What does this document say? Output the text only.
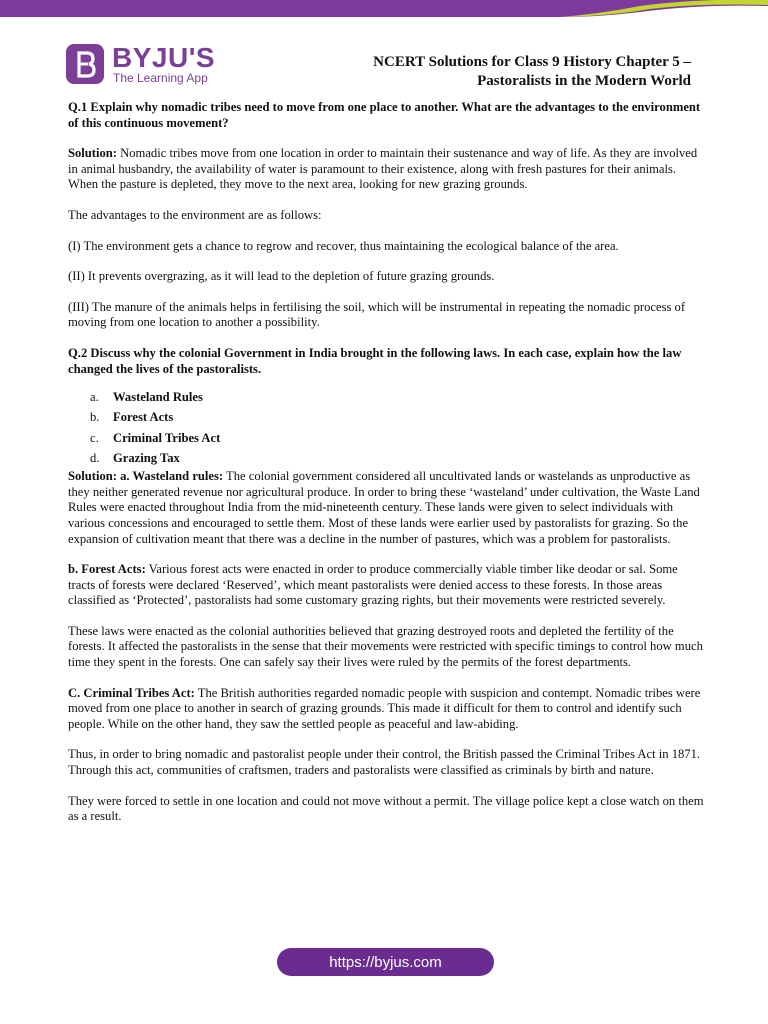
BYJU'S
The Learning App
NCERT Solutions for Class 9 History Chapter 5 –
Pastoralists in the Modern World

Q.1 Explain why nomadic tribes need to move from one place to another. What are the advantages to the environment of this continuous movement?

Solution: Nomadic tribes move from one location in order to maintain their sustenance and way of life. As they are involved in animal husbandry, the availability of water is paramount to their existence, along with fresh pastures for their animals. When the pasture is depleted, they move to the next area, looking for new grazing grounds.

The advantages to the environment are as follows:

(I) The environment gets a chance to regrow and recover, thus maintaining the ecological balance of the area.

(II) It prevents overgrazing, as it will lead to the depletion of future grazing grounds.

(III) The manure of the animals helps in fertilising the soil, which will be instrumental in repeating the nomadic process of moving from one location to another a possibility.

Q.2 Discuss why the colonial Government in India brought in the following laws. In each case, explain how the law changed the lives of the pastoralists.

a.	Wasteland Rules
b.	Forest Acts
c.	Criminal Tribes Act
d.	Grazing Tax

Solution: a. Wasteland rules: The colonial government considered all uncultivated lands or wastelands as unproductive as they neither generated revenue nor agricultural produce. In order to bring these ‘wasteland’ under cultivation, the Waste Land Rules were enacted throughout India from the mid-nineteenth century. These lands were given to select individuals with various concessions and encouraged to settle them. Most of these lands were earlier used by pastoralists for grazing. So the expansion of cultivation meant that there was a decline in the number of pastures, which was a problem for pastoralists.

b. Forest Acts: Various forest acts were enacted in order to produce commercially viable timber like deodar or sal. Some tracts of forests were declared ‘Reserved’, which meant pastoralists were denied access to these forests. In those areas classified as ‘Protected’, pastoralists had some customary grazing rights, but their movements were restricted severely.

These laws were enacted as the colonial authorities believed that grazing destroyed roots and depleted the fertility of the forests. It affected the pastoralists in the sense that their movements were restricted with specific timings to control how much time they spent in the forests. One can safely say their lives were ruled by the permits of the forest departments.

C. Criminal Tribes Act: The British authorities regarded nomadic people with suspicion and contempt. Nomadic tribes were moved from one place to another in search of grazing grounds. This made it difficult for them to control and identify such people. While on the other hand, they saw the settled people as peaceful and law-abiding.

Thus, in order to bring nomadic and pastoralist people under their control, the British passed the Criminal Tribes Act in 1871. Through this act, communities of craftsmen, traders and pastoralists were classified as criminals by birth and nature.

They were forced to settle in one location and could not move without a permit. The village police kept a close watch on them as a result.

https://byjus.com
